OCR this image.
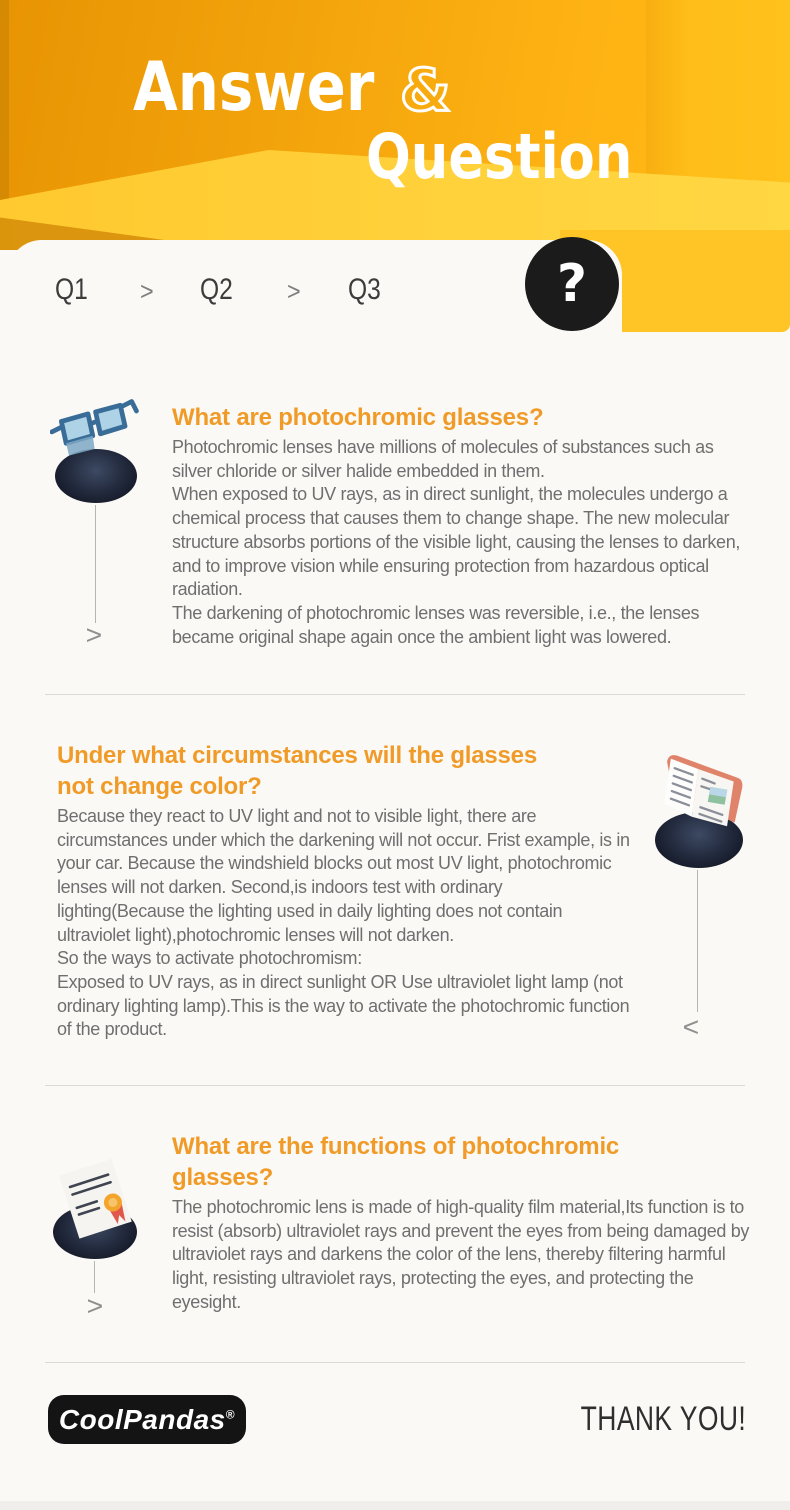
Answer &
Question
?
Q1 > Q2 > Q3
>
What are photochromic glasses?

Photochromic lenses have millions of molecules of substances such as silver chloride or silver halide embedded in them.

When exposed to UV rays, as in direct sunlight, the molecules undergo a chemical process that causes them to change shape. The new molecular structure absorbs portions of the visible light, causing the lenses to darken, and to improve vision while ensuring protection from hazardous optical radiation.

The darkening of photochromic lenses was reversible, i.e., the lenses became original shape again once the ambient light was lowered.

Under what circumstances will the glasses
not change color?

Because they react to UV light and not to visible light, there are circumstances under which the darkening will not occur. Frist example, is in your car. Because the windshield blocks out most UV light, photochromic lenses will not darken. Second,is indoors test with ordinary lighting(Because the lighting used in daily lighting does not contain ultraviolet light),photochromic lenses will not darken.

So the ways to activate photochromism:

Exposed to UV rays, as in direct sunlight OR Use ultraviolet light lamp (not ordinary lighting lamp).This is the way to activate the photochromic function of the product.	<
>
What are the functions of photochromic
glasses?

The photochromic lens is made of high-quality film material,Its function is to resist (absorb) ultraviolet rays and prevent the eyes from being damaged by ultraviolet rays and darkens the color of the lens, thereby filtering harmful light, resisting ultraviolet rays, protecting the eyes, and protecting the eyesight.

CoolPandas®	THANK YOU!
